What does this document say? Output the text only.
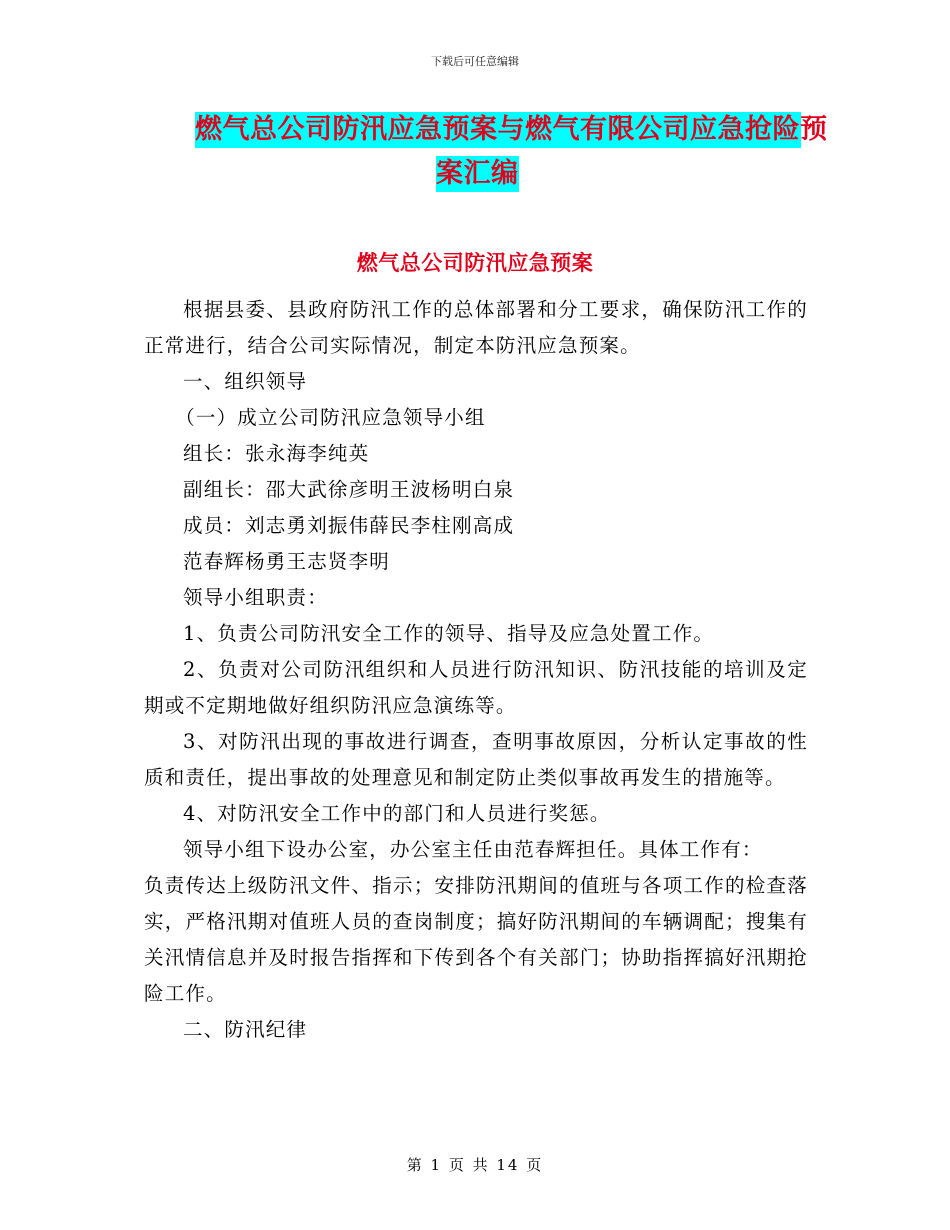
下载后可任意编辑
燃气总公司防汛应急预案与燃气有限公司应急抢险预
案汇编
燃气总公司防汛应急预案

根据县委、县政府防汛工作的总体部署和分工要求，确保防汛工作的正常进行，结合公司实际情况，制定本防汛应急预案。

一、组织领导

（一）成立公司防汛应急领导小组

组长：张永海李纯英

副组长：邵大武徐彦明王波杨明白泉

成员：刘志勇刘振伟薛民李柱刚高成

范春辉杨勇王志贤李明

领导小组职责：

1、负责公司防汛安全工作的领导、指导及应急处置工作。

2、负责对公司防汛组织和人员进行防汛知识、防汛技能的培训及定期或不定期地做好组织防汛应急演练等。

3、对防汛出现的事故进行调查，查明事故原因，分析认定事故的性质和责任，提出事故的处理意见和制定防止类似事故再发生的措施等。

4、对防汛安全工作中的部门和人员进行奖惩。

领导小组下设办公室，办公室主任由范春辉担任。具体工作有：

负责传达上级防汛文件、指示；安排防汛期间的值班与各项工作的检查落实，严格汛期对值班人员的查岗制度；搞好防汛期间的车辆调配；搜集有关汛情信息并及时报告指挥和下传到各个有关部门；协助指挥搞好汛期抢险工作。

二、防汛纪律

第 1 页 共 14 页
